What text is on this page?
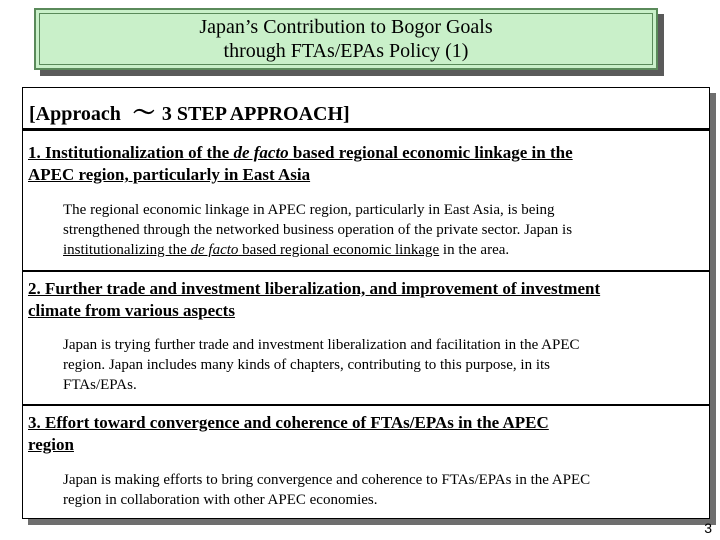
Japan’s Contribution to Bogor Goals
through FTAs/EPAs Policy (1)
[Approach ～ 3 STEP APPROACH]
1. Institutionalization of the de facto based regional economic linkage in the
APEC region, particularly in East Asia
The regional economic linkage in APEC region, particularly in East Asia, is being
strengthened through the networked business operation of the private sector. Japan is
institutionalizing the de facto based regional economic linkage in the area.
2. Further trade and investment liberalization, and improvement of investment
climate from various aspects
Japan is trying further trade and investment liberalization and facilitation in the APEC
region. Japan includes many kinds of chapters, contributing to this purpose, in its
FTAs/EPAs.
3. Effort toward convergence and coherence of FTAs/EPAs in the APEC
region
Japan is making efforts to bring convergence and coherence to FTAs/EPAs in the APEC
region in collaboration with other APEC economies.
3
